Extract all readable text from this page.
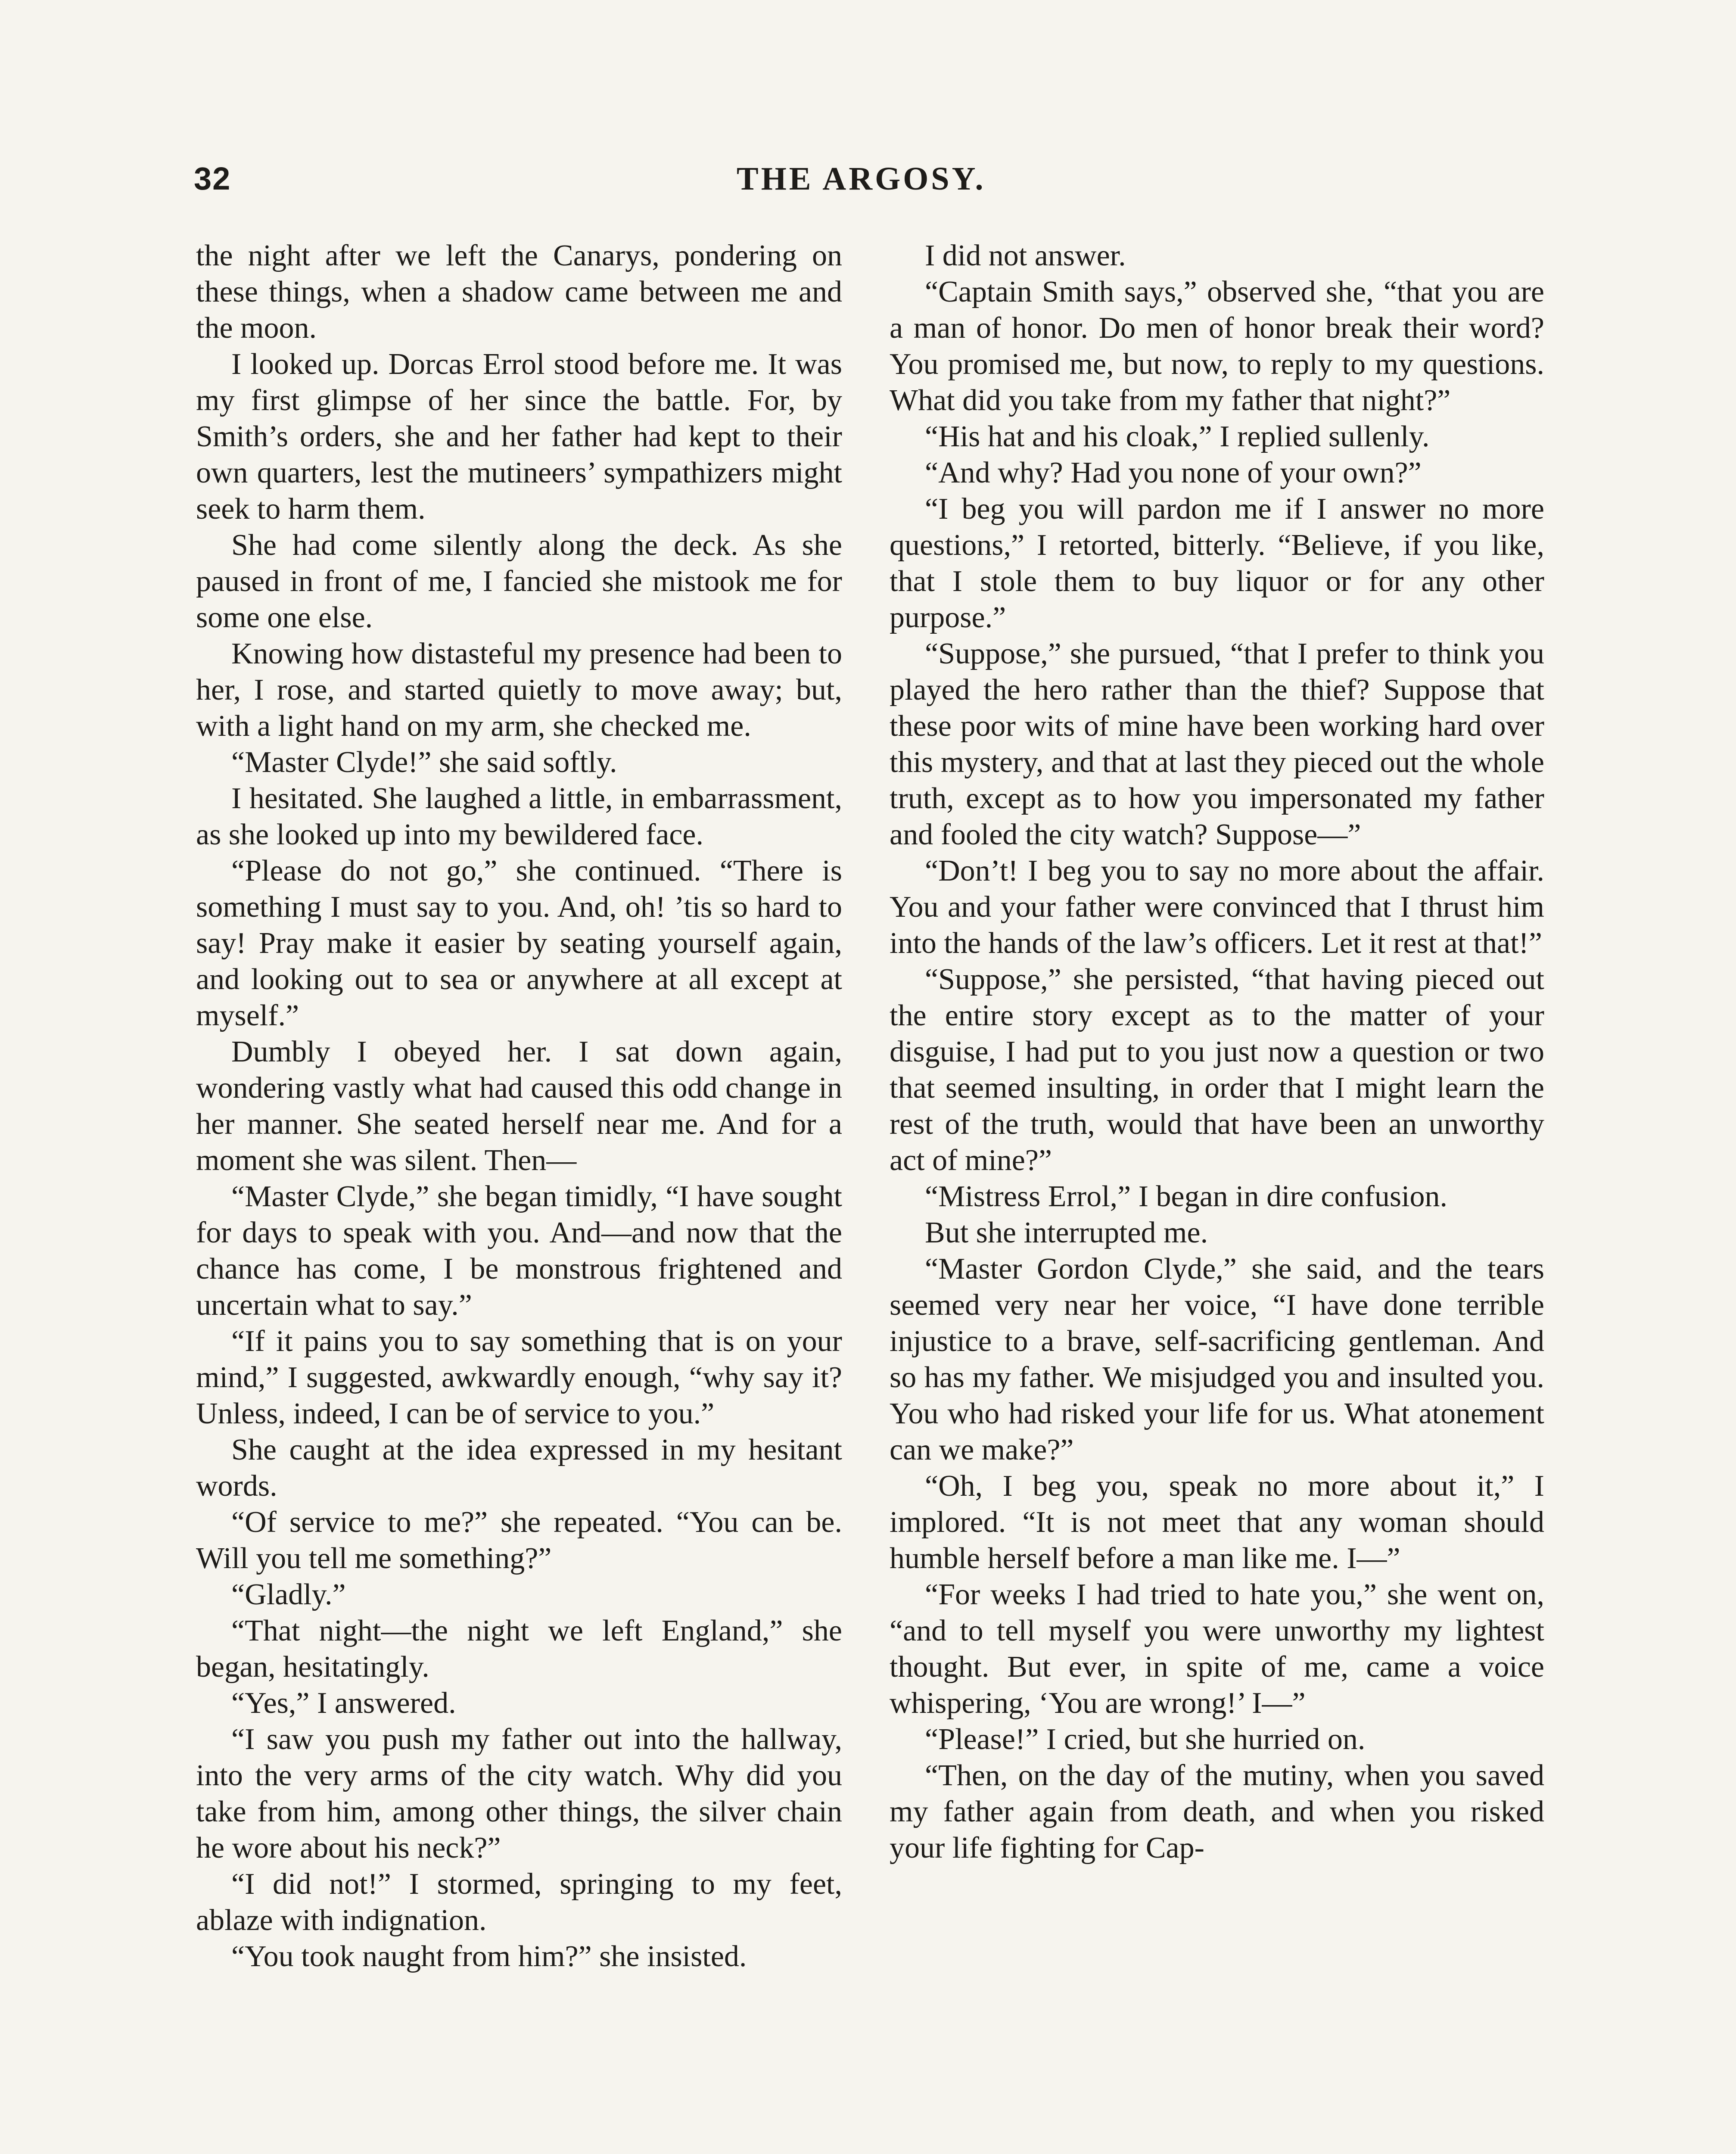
32	THE ARGOSY.

the night after we left the Canarys, pondering on these things, when a shadow came between me and the moon.

I looked up. Dorcas Errol stood before me. It was my first glimpse of her since the battle. For, by Smith’s orders, she and her father had kept to their own quarters, lest the mutineers’ sympathizers might seek to harm them.

She had come silently along the deck. As she paused in front of me, I fancied she mistook me for some one else.

Knowing how distasteful my presence had been to her, I rose, and started quietly to move away; but, with a light hand on my arm, she checked me.

“Master Clyde!” she said softly.

I hesitated. She laughed a little, in embarrassment, as she looked up into my bewildered face.

“Please do not go,” she continued. “There is something I must say to you. And, oh! ’tis so hard to say! Pray make it easier by seating yourself again, and looking out to sea or anywhere at all except at myself.”

Dumbly I obeyed her. I sat down again, wondering vastly what had caused this odd change in her manner. She seated herself near me. And for a moment she was silent. Then—

“Master Clyde,” she began timidly, “I have sought for days to speak with you. And—and now that the chance has come, I be monstrous frightened and uncertain what to say.”

“If it pains you to say something that is on your mind,” I suggested, awkwardly enough, “why say it? Unless, indeed, I can be of service to you.”

She caught at the idea expressed in my hesitant words.

“Of service to me?” she repeated. “You can be. Will you tell me something?”

“Gladly.”

“That night—the night we left England,” she began, hesitatingly.

“Yes,” I answered.

“I saw you push my father out into the hallway, into the very arms of the city watch. Why did you take from him, among other things, the silver chain he wore about his neck?”

“I did not!” I stormed, springing to my feet, ablaze with indignation.

“You took naught from him?” she insisted.

I did not answer.

“Captain Smith says,” observed she, “that you are a man of honor. Do men of honor break their word? You promised me, but now, to reply to my questions. What did you take from my father that night?”

“His hat and his cloak,” I replied sullenly.

“And why? Had you none of your own?”

“I beg you will pardon me if I answer no more questions,” I retorted, bitterly. “Believe, if you like, that I stole them to buy liquor or for any other purpose.”

“Suppose,” she pursued, “that I prefer to think you played the hero rather than the thief? Suppose that these poor wits of mine have been working hard over this mystery, and that at last they pieced out the whole truth, except as to how you impersonated my father and fooled the city watch? Suppose—”

“Don’t! I beg you to say no more about the affair. You and your father were convinced that I thrust him into the hands of the law’s officers. Let it rest at that!”

“Suppose,” she persisted, “that having pieced out the entire story except as to the matter of your disguise, I had put to you just now a question or two that seemed insulting, in order that I might learn the rest of the truth, would that have been an unworthy act of mine?”

“Mistress Errol,” I began in dire confusion.

But she interrupted me.

“Master Gordon Clyde,” she said, and the tears seemed very near her voice, “I have done terrible injustice to a brave, self-sacrificing gentleman. And so has my father. We misjudged you and insulted you. You who had risked your life for us. What atonement can we make?”

“Oh, I beg you, speak no more about it,” I implored. “It is not meet that any woman should humble herself before a man like me. I—”

“For weeks I had tried to hate you,” she went on, “and to tell myself you were unworthy my lightest thought. But ever, in spite of me, came a voice whispering, ‘You are wrong!’ I—”

“Please!” I cried, but she hurried on.

“Then, on the day of the mutiny, when you saved my father again from death, and when you risked your life fighting for Cap-
